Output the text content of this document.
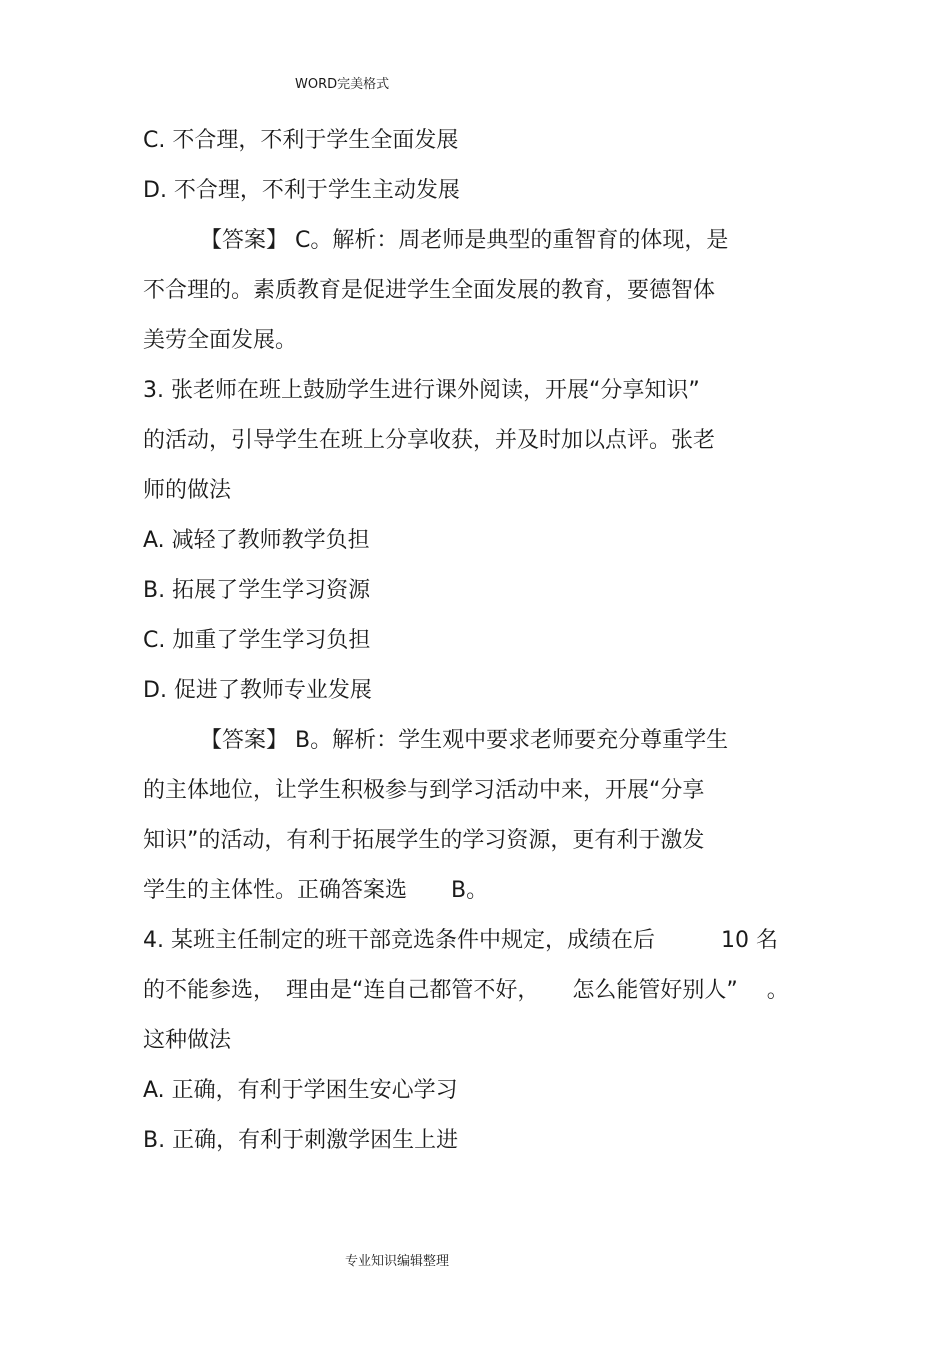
WORD完美格式
C. 不合理，不利于学生全面发展
D. 不合理，不利于学生主动发展
【答案】 C。解析：周老师是典型的重智育的体现，是
不合理的。素质教育是促进学生全面发展的教育，要德智体
美劳全面发展。
3. 张老师在班上鼓励学生进行课外阅读，开展“分享知识”
的活动，引导学生在班上分享收获，并及时加以点评。张老
师的做法
A. 减轻了教师教学负担
B. 拓展了学生学习资源
C. 加重了学生学习负担
D. 促进了教师专业发展
【答案】 B。解析：学生观中要求老师要充分尊重学生
的主体地位，让学生积极参与到学习活动中来，开展“分享
知识”的活动，有利于拓展学生的学习资源，更有利于激发
学生的主体性。正确答案选　　B。
4. 某班主任制定的班干部竞选条件中规定，成绩在后　　　10 名
的不能参选，　理由是“连自己都管不好，　　怎么能管好别人”　 。
这种做法
A. 正确，有利于学困生安心学习
B. 正确，有利于刺激学困生上进
专业知识编辑整理
